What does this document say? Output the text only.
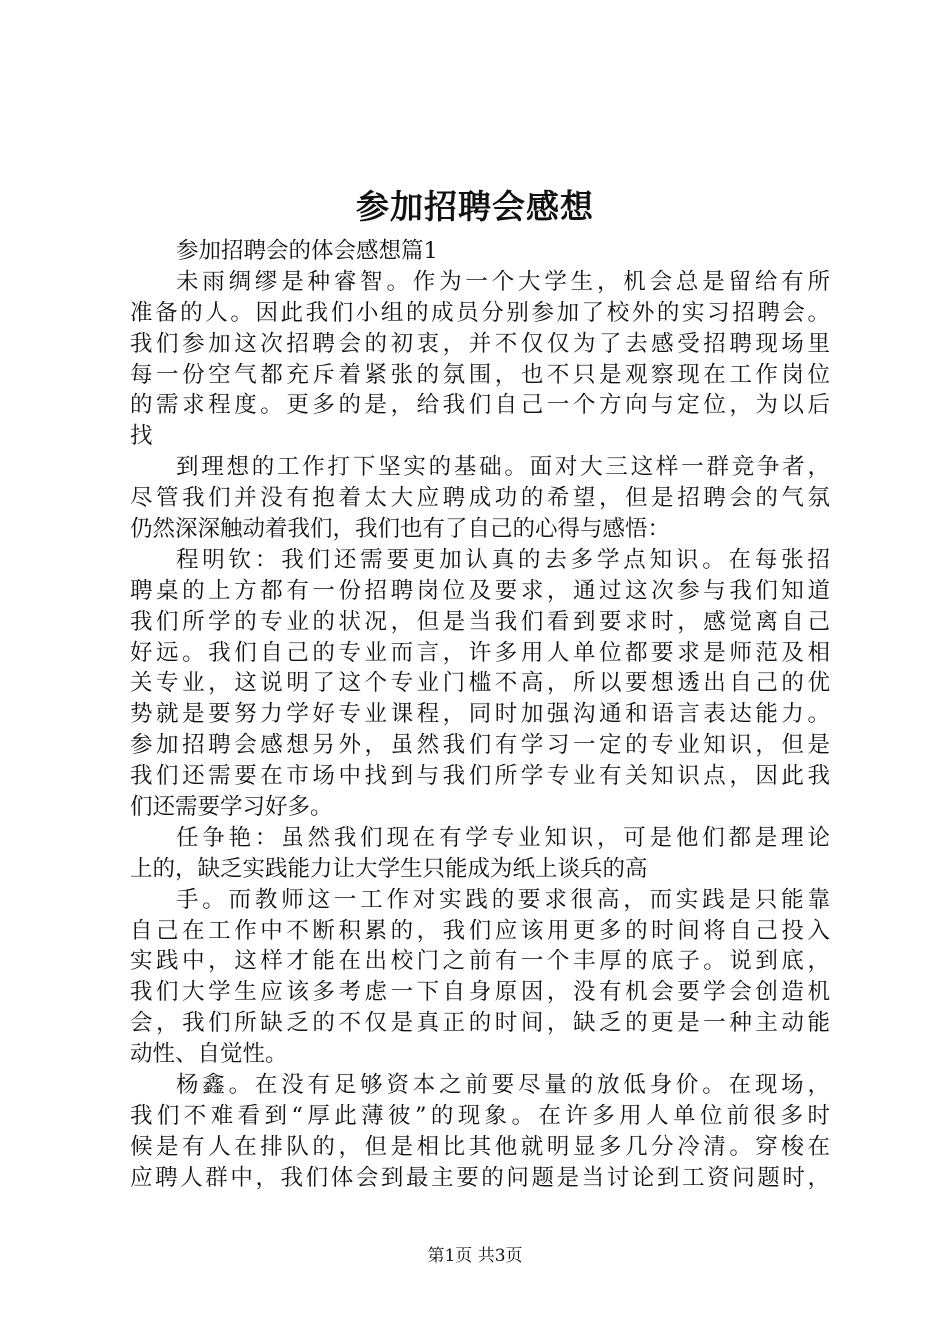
参加招聘会感想
参加招聘会的体会感想篇1
未雨绸缪是种睿智。作为一个大学生，机会总是留给有所
准备的人。因此我们小组的成员分别参加了校外的实习招聘会。
我们参加这次招聘会的初衷，并不仅仅为了去感受招聘现场里
每一份空气都充斥着紧张的氛围，也不只是观察现在工作岗位
的需求程度。更多的是，给我们自己一个方向与定位，为以后
找
到理想的工作打下坚实的基础。面对大三这样一群竞争者，
尽管我们并没有抱着太大应聘成功的希望，但是招聘会的气氛
仍然深深触动着我们，我们也有了自己的心得与感悟：
程明钦：我们还需要更加认真的去多学点知识。在每张招
聘桌的上方都有一份招聘岗位及要求，通过这次参与我们知道
我们所学的专业的状况，但是当我们看到要求时，感觉离自己
好远。我们自己的专业而言，许多用人单位都要求是师范及相
关专业，这说明了这个专业门槛不高，所以要想透出自己的优
势就是要努力学好专业课程，同时加强沟通和语言表达能力。
参加招聘会感想另外，虽然我们有学习一定的专业知识，但是
我们还需要在市场中找到与我们所学专业有关知识点，因此我
们还需要学习好多。
任争艳：虽然我们现在有学专业知识，可是他们都是理论
上的，缺乏实践能力让大学生只能成为纸上谈兵的高
手。而教师这一工作对实践的要求很高，而实践是只能靠
自己在工作中不断积累的，我们应该用更多的时间将自己投入
实践中，这样才能在出校门之前有一个丰厚的底子。说到底，
我们大学生应该多考虑一下自身原因，没有机会要学会创造机
会，我们所缺乏的不仅是真正的时间，缺乏的更是一种主动能
动性、自觉性。
杨鑫。在没有足够资本之前要尽量的放低身价。在现场，
我们不难看到“厚此薄彼”的现象。在许多用人单位前很多时
候是有人在排队的，但是相比其他就明显多几分冷清。穿梭在
应聘人群中，我们体会到最主要的问题是当讨论到工资问题时，
第1页 共3页
